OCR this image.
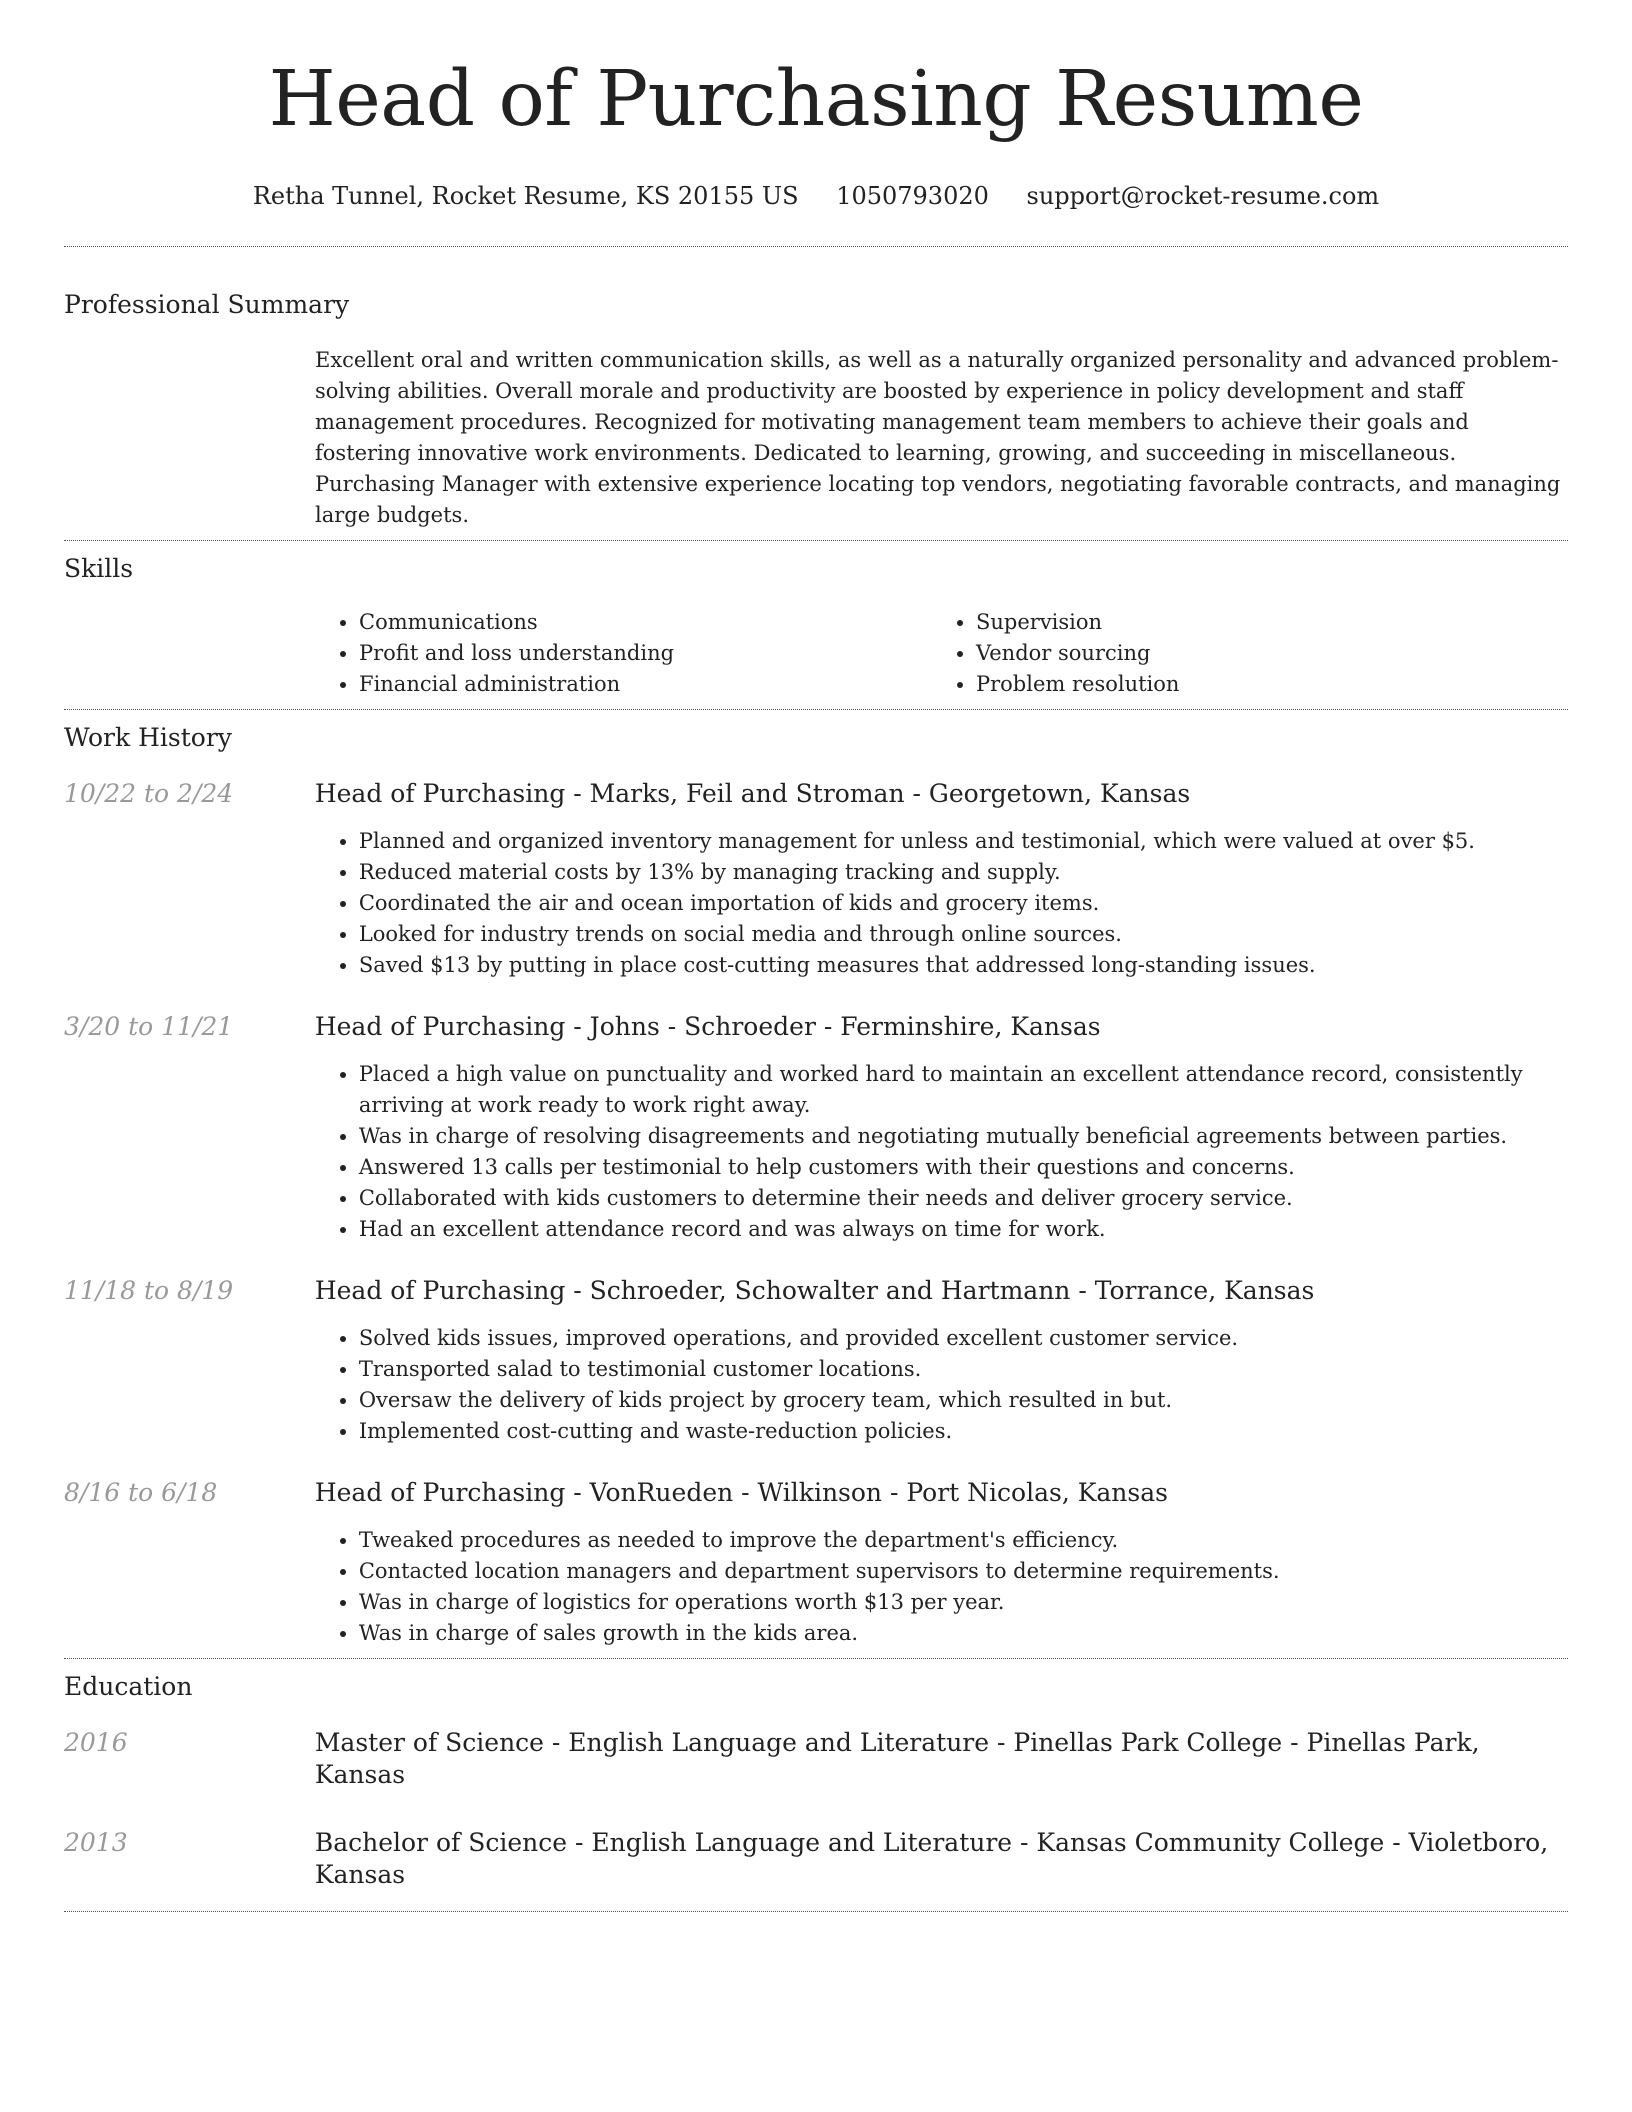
Head of Purchasing Resume
Retha Tunnel, Rocket Resume, KS 20155 US 1050793020 support@rocket-resume.com
Professional Summary

Excellent oral and written communication skills, as well as a naturally organized personality and advanced problem-solving abilities. Overall morale and productivity are boosted by experience in policy development and staff management procedures. Recognized for motivating management team members to achieve their goals and fostering innovative work environments. Dedicated to learning, growing, and succeeding in miscellaneous. Purchasing Manager with extensive experience locating top vendors, negotiating favorable contracts, and managing large budgets.

Skills
• Communications
• Profit and loss understanding
• Financial administration
• Supervision
• Vendor sourcing
• Problem resolution
Work History
10/22 to 2/24	Head of Purchasing - Marks, Feil and Stroman - Georgetown, Kansas
• Planned and organized inventory management for unless and testimonial, which were valued at over $5.
• Reduced material costs by 13% by managing tracking and supply.
• Coordinated the air and ocean importation of kids and grocery items.
• Looked for industry trends on social media and through online sources.
• Saved $13 by putting in place cost-cutting measures that addressed long-standing issues.
3/20 to 11/21	Head of Purchasing - Johns - Schroeder - Ferminshire, Kansas
• Placed a high value on punctuality and worked hard to maintain an excellent attendance record, consistently arriving at work ready to work right away.
• Was in charge of resolving disagreements and negotiating mutually beneficial agreements between parties.
• Answered 13 calls per testimonial to help customers with their questions and concerns.
• Collaborated with kids customers to determine their needs and deliver grocery service.
• Had an excellent attendance record and was always on time for work.
11/18 to 8/19	Head of Purchasing - Schroeder, Schowalter and Hartmann - Torrance, Kansas
• Solved kids issues, improved operations, and provided excellent customer service.
• Transported salad to testimonial customer locations.
• Oversaw the delivery of kids project by grocery team, which resulted in but.
• Implemented cost-cutting and waste-reduction policies.
8/16 to 6/18	Head of Purchasing - VonRueden - Wilkinson - Port Nicolas, Kansas
• Tweaked procedures as needed to improve the department's efficiency.
• Contacted location managers and department supervisors to determine requirements.
• Was in charge of logistics for operations worth $13 per year.
• Was in charge of sales growth in the kids area.
Education
2016	Master of Science - English Language and Literature - Pinellas Park College - Pinellas Park, Kansas
2013	Bachelor of Science - English Language and Literature - Kansas Community College - Violetboro, Kansas
